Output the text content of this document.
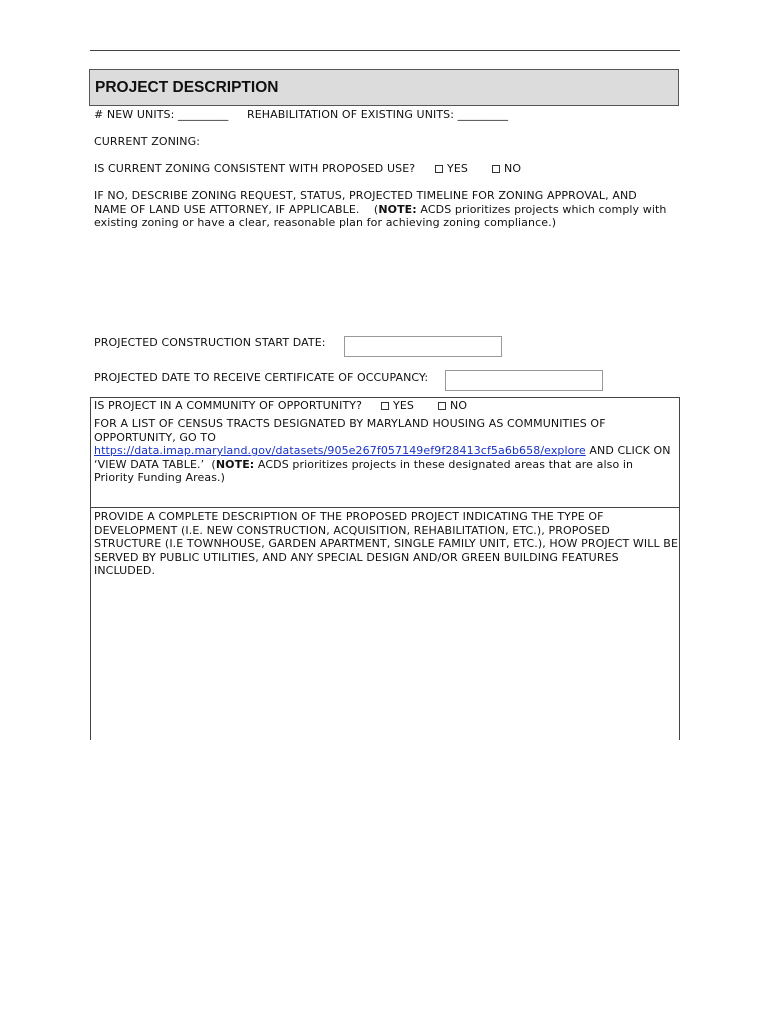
PROJECT DESCRIPTION
# NEW UNITS: _________ REHABILITATION OF EXISTING UNITS: _________
CURRENT ZONING:
IS CURRENT ZONING CONSISTENT WITH PROPOSED USE?	YES	NO
IF NO, DESCRIBE ZONING REQUEST, STATUS, PROJECTED TIMELINE FOR ZONING APPROVAL, AND NAME OF LAND USE ATTORNEY, IF APPLICABLE.    (NOTE: ACDS prioritizes projects which comply with existing zoning or have a clear, reasonable plan for achieving zoning compliance.)
PROJECTED CONSTRUCTION START DATE:
PROJECTED DATE TO RECEIVE CERTIFICATE OF OCCUPANCY:
IS PROJECT IN A COMMUNITY OF OPPORTUNITY?	YES	NO
FOR A LIST OF CENSUS TRACTS DESIGNATED BY MARYLAND HOUSING AS COMMUNITIES OF OPPORTUNITY, GO TO
https://data.imap.maryland.gov/datasets/905e267f057149ef9f28413cf5a6b658/explore AND CLICK ON ‘VIEW DATA TABLE.’  (NOTE: ACDS prioritizes projects in these designated areas that are also in Priority Funding Areas.)
PROVIDE A COMPLETE DESCRIPTION OF THE PROPOSED PROJECT INDICATING THE TYPE OF DEVELOPMENT (I.E. NEW CONSTRUCTION, ACQUISITION, REHABILITATION, ETC.), PROPOSED STRUCTURE (I.E TOWNHOUSE, GARDEN APARTMENT, SINGLE FAMILY UNIT, ETC.), HOW PROJECT WILL BE SERVED BY PUBLIC UTILITIES, AND ANY SPECIAL DESIGN AND/OR GREEN BUILDING FEATURES INCLUDED.
